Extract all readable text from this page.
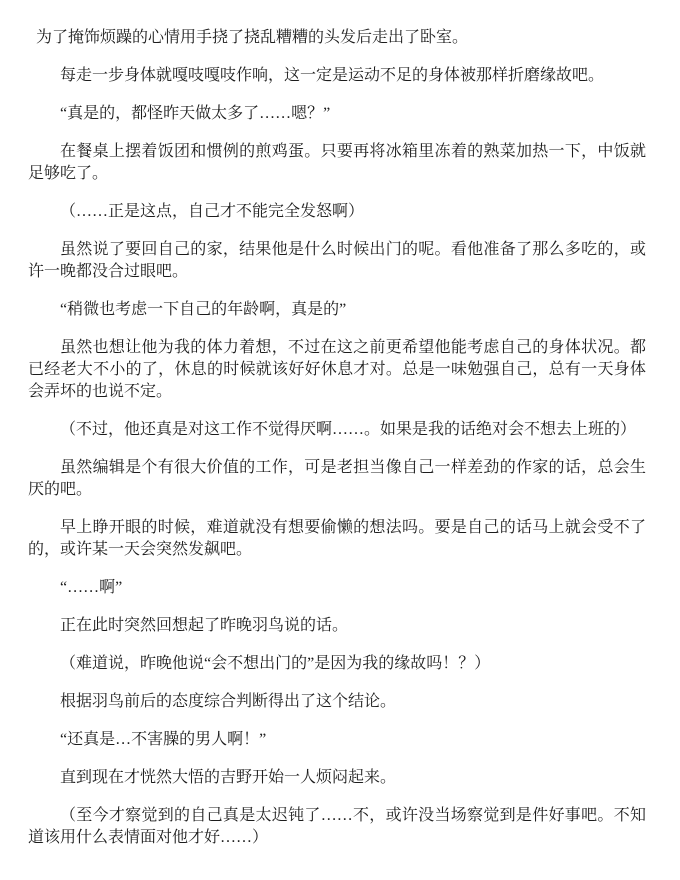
为了掩饰烦躁的心情用手挠了挠乱糟糟的头发后走出了卧室。

每走一步身体就嘎吱嘎吱作响，这一定是运动不足的身体被那样折磨缘故吧。

“真是的，都怪昨天做太多了……嗯？”

在餐桌上摆着饭团和惯例的煎鸡蛋。只要再将冰箱里冻着的熟菜加热一下，中饭就足够吃了。

（……正是这点，自己才不能完全发怒啊）

虽然说了要回自己的家，结果他是什么时候出门的呢。看他准备了那么多吃的，或许一晚都没合过眼吧。

“稍微也考虑一下自己的年龄啊，真是的”

虽然也想让他为我的体力着想，不过在这之前更希望他能考虑自己的身体状况。都已经老大不小的了，休息的时候就该好好休息才对。总是一味勉强自己，总有一天身体会弄坏的也说不定。

（不过，他还真是对这工作不觉得厌啊……。如果是我的话绝对会不想去上班的）

虽然编辑是个有很大价值的工作，可是老担当像自己一样差劲的作家的话，总会生厌的吧。

早上睁开眼的时候，难道就没有想要偷懒的想法吗。要是自己的话马上就会受不了的，或许某一天会突然发飙吧。

“……啊”

正在此时突然回想起了昨晚羽鸟说的话。

（难道说，昨晚他说“会不想出门的”是因为我的缘故吗！？）

根据羽鸟前后的态度综合判断得出了这个结论。

“还真是…不害臊的男人啊！”

直到现在才恍然大悟的吉野开始一人烦闷起来。

（至今才察觉到的自己真是太迟钝了……不，或许没当场察觉到是件好事吧。不知道该用什么表情面对他才好……）
